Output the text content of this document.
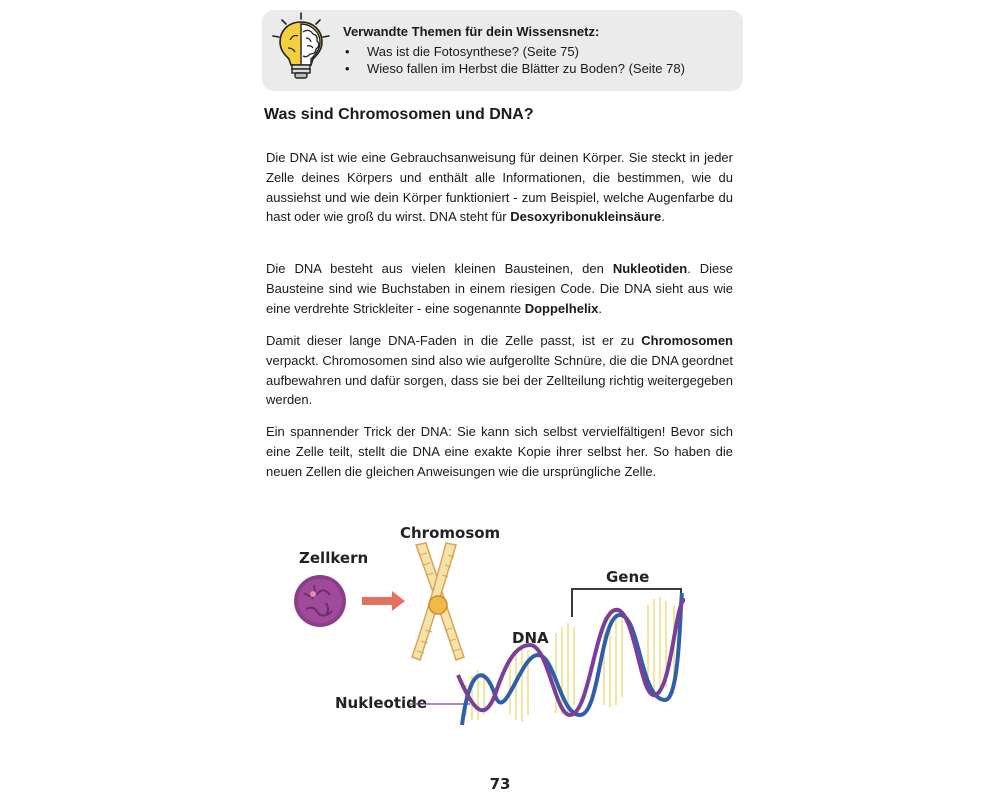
Verwandte Themen für dein Wissensnetz:
• Was ist die Fotosynthese? (Seite 75)
• Wieso fallen im Herbst die Blätter zu Boden? (Seite 78)
Was sind Chromosomen und DNA?

Die DNA ist wie eine Gebrauchsanweisung für deinen Körper. Sie steckt in jeder Zelle deines Körpers und enthält alle Informationen, die bestimmen, wie du aussiehst und wie dein Körper funktioniert - zum Beispiel, welche Augenfarbe du hast oder wie groß du wirst. DNA steht für Desoxyribonukleinsäure.

Die DNA besteht aus vielen kleinen Bausteinen, den Nukleotiden. Diese Bausteine sind wie Buchstaben in einem riesigen Code. Die DNA sieht aus wie eine verdrehte Strickleiter - eine sogenannte Doppelhelix.

Damit dieser lange DNA-Faden in die Zelle passt, ist er zu Chromosomen verpackt. Chromosomen sind also wie aufgerollte Schnüre, die die DNA geordnet aufbewahren und dafür sorgen, dass sie bei der Zellteilung richtig weitergegeben werden.

Ein spannender Trick der DNA: Sie kann sich selbst vervielfältigen! Bevor sich eine Zelle teilt, stellt die DNA eine exakte Kopie ihrer selbst her. So haben die neuen Zellen die gleichen Anweisungen wie die ursprüngliche Zelle.

Zellkern
Chromosom
Gene
DNA
Nukleotide
73
